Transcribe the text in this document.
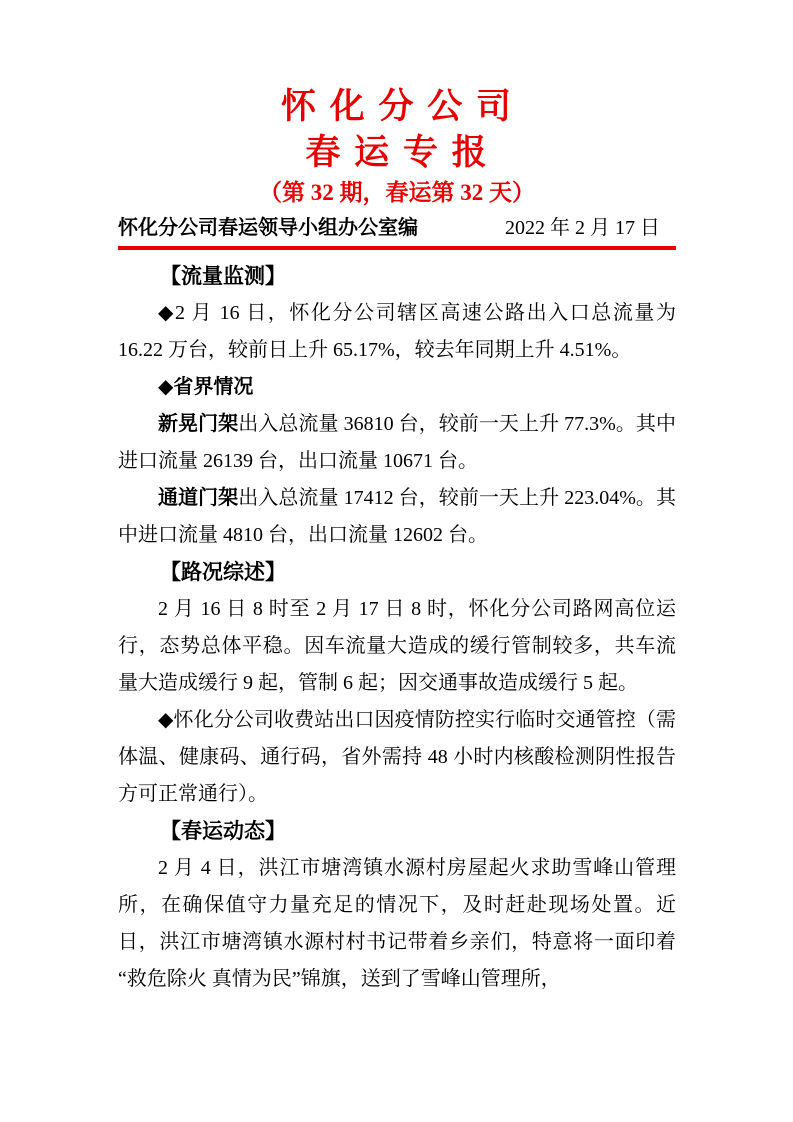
怀 化 分 公 司
春 运 专 报
（第 32 期，春运第 32 天）
怀化分公司春运领导小组办公室编	2022 年 2 月 17 日
【流量监测】

◆2 月 16 日，怀化分公司辖区高速公路出入口总流量为 16.22 万台，较前日上升 65.17%，较去年同期上升 4.51%。

◆省界情况

新晃门架出入总流量 36810 台，较前一天上升 77.3%。其中进口流量 26139 台，出口流量 10671 台。

通道门架出入总流量 17412 台，较前一天上升 223.04%。其中进口流量 4810 台，出口流量 12602 台。

【路况综述】

2 月 16 日 8 时至 2 月 17 日 8 时，怀化分公司路网高位运行，态势总体平稳。因车流量大造成的缓行管制较多，共车流量大造成缓行 9 起，管制 6 起；因交通事故造成缓行 5 起。

◆怀化分公司收费站出口因疫情防控实行临时交通管控（需体温、健康码、通行码，省外需持 48 小时内核酸检测阴性报告方可正常通行）。

【春运动态】

2 月 4 日，洪江市塘湾镇水源村房屋起火求助雪峰山管理所，在确保值守力量充足的情况下，及时赶赴现场处置。近日，洪江市塘湾镇水源村村书记带着乡亲们，特意将一面印着“救危除火 真情为民”锦旗，送到了雪峰山管理所，
